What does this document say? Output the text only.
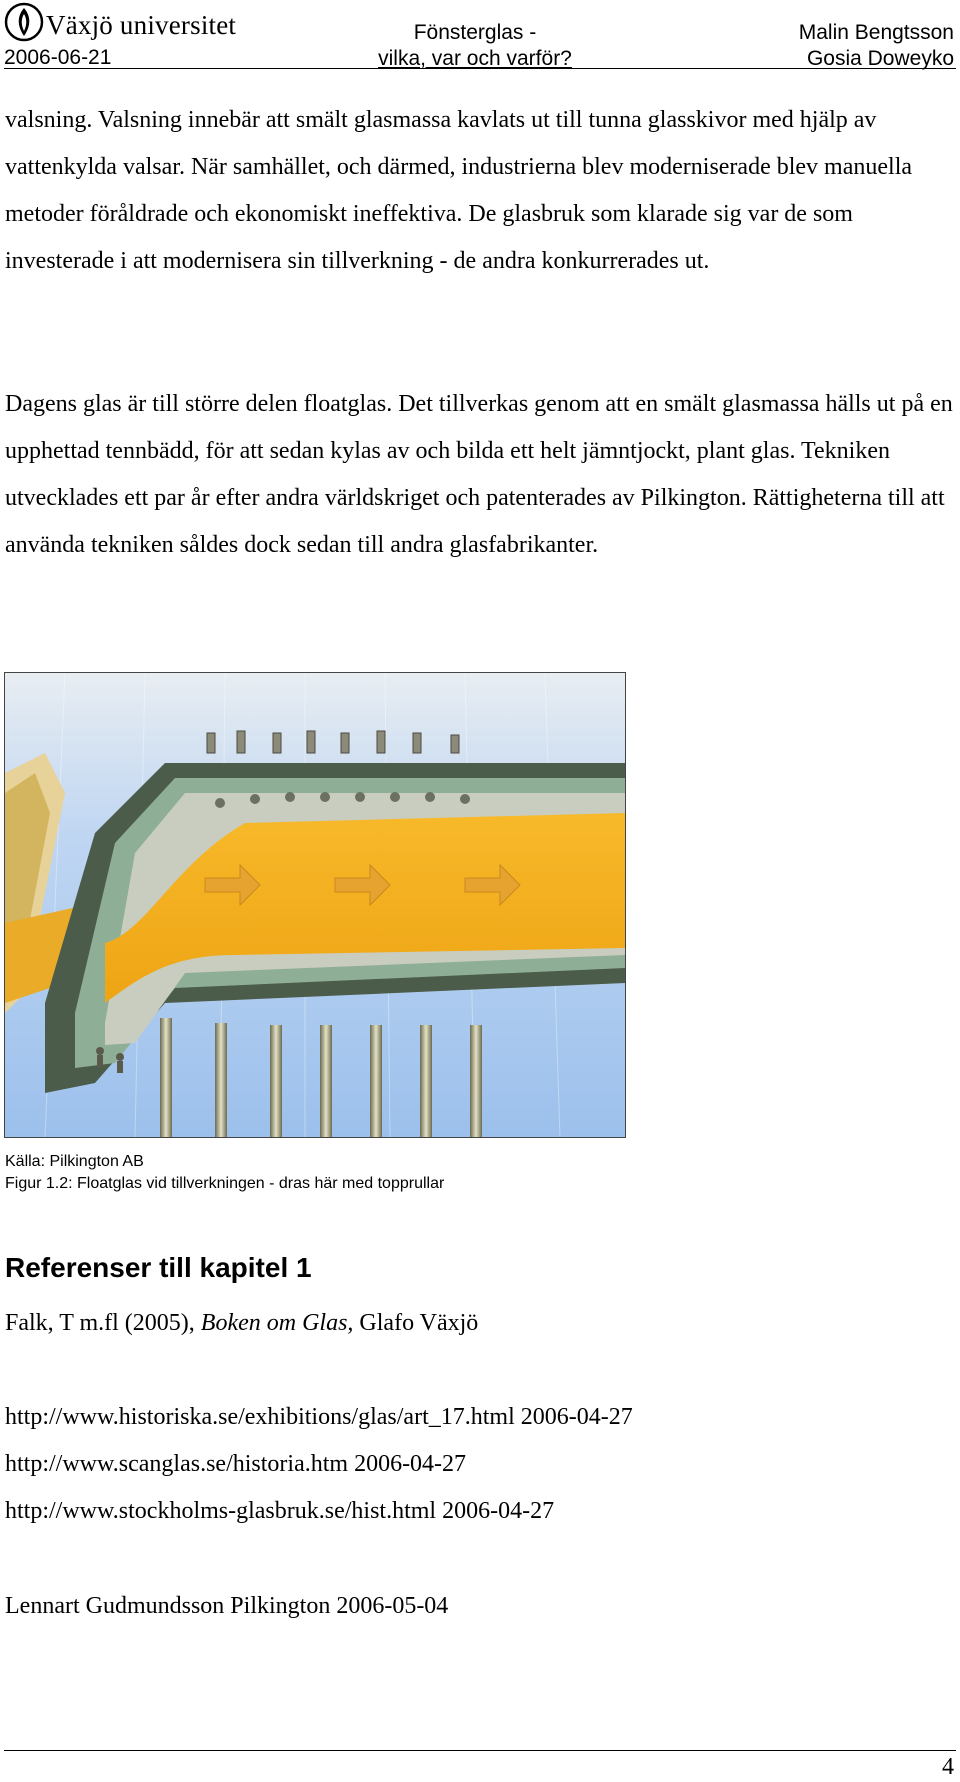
Växjö universitet
2006-06-21
Fönsterglas -
vilka, var och varför?
Malin Bengtsson
Gosia Doweyko
valsning. Valsning innebär att smält glasmassa kavlats ut till tunna glasskivor med hjälp av vattenkylda valsar. När samhället, och därmed, industrierna blev moderniserade blev manuella metoder föråldrade och ekonomiskt ineffektiva. De glasbruk som klarade sig var de som investerade i att modernisera sin tillverkning - de andra konkurrerades ut.
Dagens glas är till större delen floatglas. Det tillverkas genom att en smält glasmassa hälls ut på en upphettad tennbädd, för att sedan kylas av och bilda ett helt jämntjockt, plant glas. Tekniken utvecklades ett par år efter andra världskriget och patenterades av Pilkington. Rättigheterna till att använda tekniken såldes dock sedan till andra glasfabrikanter.
Källa: Pilkington AB
Figur 1.2: Floatglas vid tillverkningen - dras här med topprullar
Referenser till kapitel 1
Falk, T m.fl (2005), Boken om Glas, Glafo Växjö
http://www.historiska.se/exhibitions/glas/art_17.html 2006-04-27
http://www.scanglas.se/historia.htm 2006-04-27
http://www.stockholms-glasbruk.se/hist.html 2006-04-27
Lennart Gudmundsson Pilkington 2006-05-04
4
